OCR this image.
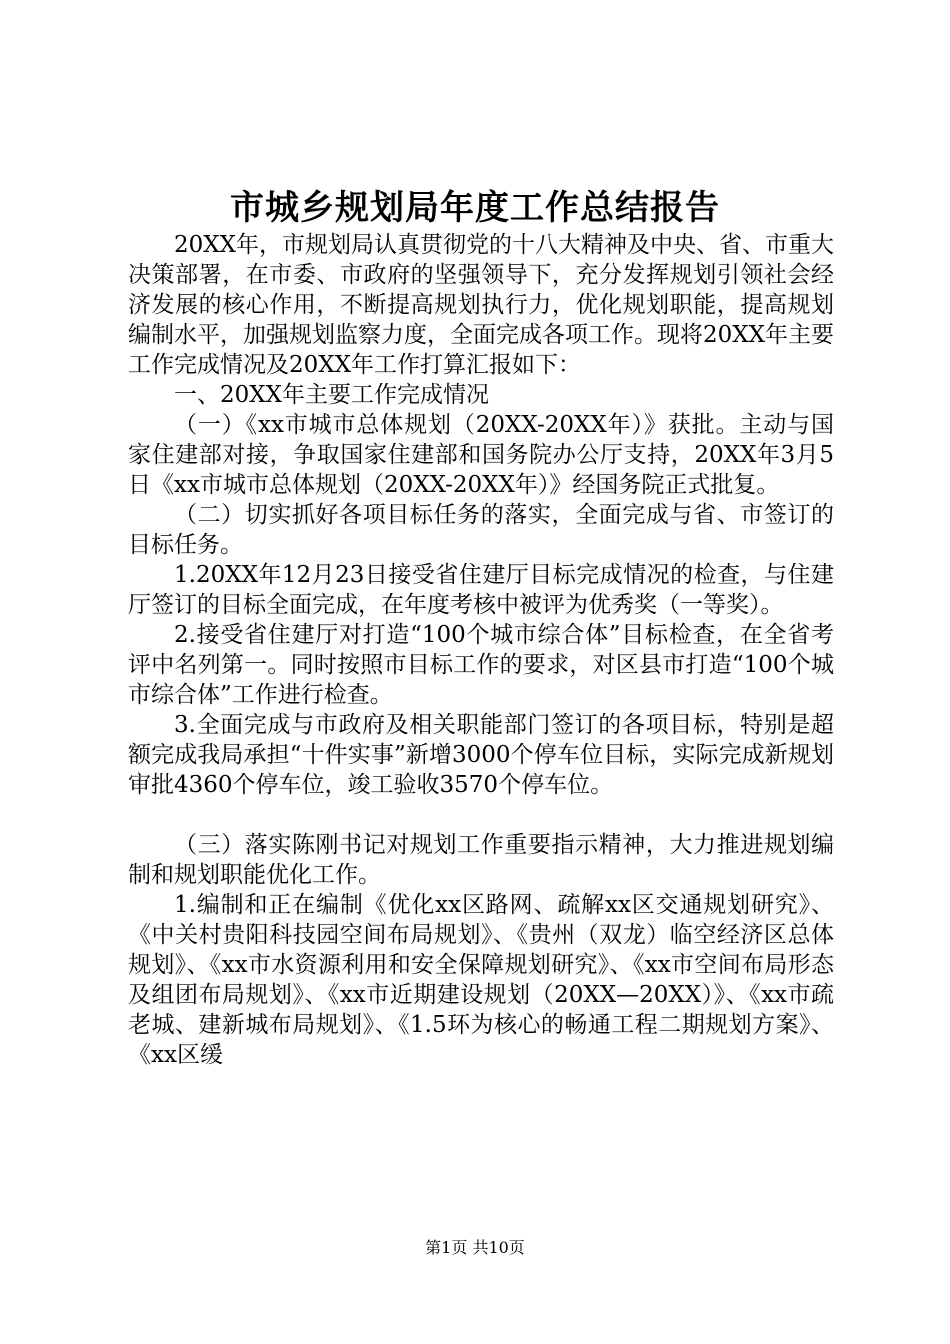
市城乡规划局年度工作总结报告

20XX年，市规划局认真贯彻党的十八大精神及中央、省、市重大决策部署，在市委、市政府的坚强领导下，充分发挥规划引领社会经济发展的核心作用，不断提高规划执行力，优化规划职能，提高规划编制水平，加强规划监察力度，全面完成各项工作。现将20XX年主要工作完成情况及20XX年工作打算汇报如下：

一、20XX年主要工作完成情况

（一）《xx市城市总体规划（20XX-20XX年）》获批。主动与国家住建部对接，争取国家住建部和国务院办公厅支持，20XX年3月5日《xx市城市总体规划（20XX-20XX年）》经国务院正式批复。

（二）切实抓好各项目标任务的落实，全面完成与省、市签订的目标任务。

1.20XX年12月23日接受省住建厅目标完成情况的检查，与住建厅签订的目标全面完成，在年度考核中被评为优秀奖（一等奖）。

2.接受省住建厅对打造“100个城市综合体”目标检查，在全省考评中名列第一。同时按照市目标工作的要求，对区县市打造“100个城市综合体”工作进行检查。

3.全面完成与市政府及相关职能部门签订的各项目标，特别是超额完成我局承担“十件实事”新增3000个停车位目标，实际完成新规划审批4360个停车位，竣工验收3570个停车位。

（三）落实陈刚书记对规划工作重要指示精神，大力推进规划编制和规划职能优化工作。

1.编制和正在编制《优化xx区路网、疏解xx区交通规划研究》、《中关村贵阳科技园空间布局规划》、《贵州（双龙）临空经济区总体规划》、《xx市水资源利用和安全保障规划研究》、《xx市空间布局形态及组团布局规划》、《xx市近期建设规划（20XX—20XX）》、《xx市疏老城、建新城布局规划》、《1.5环为核心的畅通工程二期规划方案》、《xx区缓

第1页 共10页
